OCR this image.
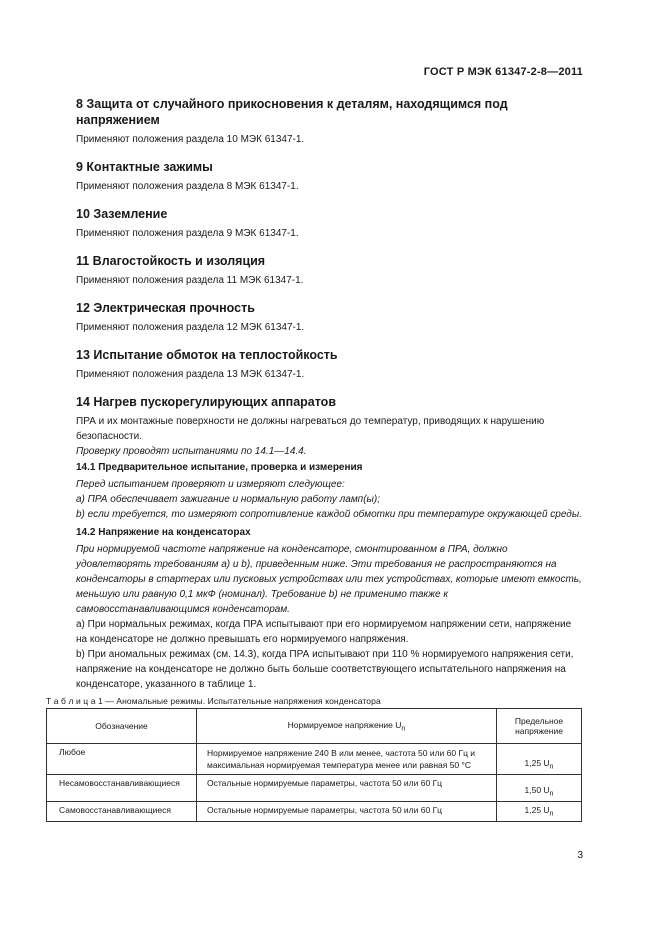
ГОСТ Р МЭК 61347-2-8—2011

8 Защита от случайного прикосновения к деталям, находящимся под напряжением

Применяют положения раздела 10 МЭК 61347-1.

9 Контактные зажимы

Применяют положения раздела 8 МЭК 61347-1.

10 Заземление

Применяют положения раздела 9 МЭК 61347-1.

11 Влагостойкость и изоляция

Применяют положения раздела 11 МЭК 61347-1.

12 Электрическая прочность

Применяют положения раздела 12 МЭК 61347-1.

13 Испытание обмоток на теплостойкость

Применяют положения раздела 13 МЭК 61347-1.

14 Нагрев пускорегулирующих аппаратов

ПРА и их монтажные поверхности не должны нагреваться до температур, приводящих к нарушению безопасности.

Проверку проводят испытаниями по 14.1—14.4.

14.1 Предварительное испытание, проверка и измерения

Перед испытанием проверяют и измеряют следующее:

a) ПРА обеспечивает зажигание и нормальную работу ламп(ы);

b) если требуется, то измеряют сопротивление каждой обмотки при температуре окружающей среды.

14.2 Напряжение на конденсаторах

При нормируемой частоте напряжение на конденсаторе, смонтированном в ПРА, должно удовлетворять требованиям a) и b), приведенным ниже. Эти требования не распространяются на конденсаторы в стартерах или пусковых устройствах или тех устройствах, которые имеют емкость, меньшую или равную 0,1 мкФ (номинал). Требование b) не применимо также к самовосстанавливающимся конденсаторам.

a) При нормальных режимах, когда ПРА испытывают при его нормируемом напряжении сети, напряжение на конденсаторе не должно превышать его нормируемого напряжения.

b) При аномальных режимах (см. 14.3), когда ПРА испытывают при 110 % нормируемого напряжения сети, напряжение на конденсаторе не должно быть больше соответствующего испытательного напряжения на конденсаторе, указанного в таблице 1.

Т а б л и ц а 1 — Аномальные режимы. Испытательные напряжения конденсатора
Обозначение	Нормируемое напряжение $U_n$	Предельное напряжение
Любое	Нормируемое напряжение 240 В или менее, частота 50 или 60 Гц и максимальная нормируемая температура менее или равная 50 °С	1,25 $U_n$
Несамовосстанавливающиеся	Остальные нормируемые параметры, частота 50 или 60 Гц	1,50 $U_n$
Самовосстанавливающиеся	Остальные нормируемые параметры, частота 50 или 60 Гц	1,25 $U_n$
3
